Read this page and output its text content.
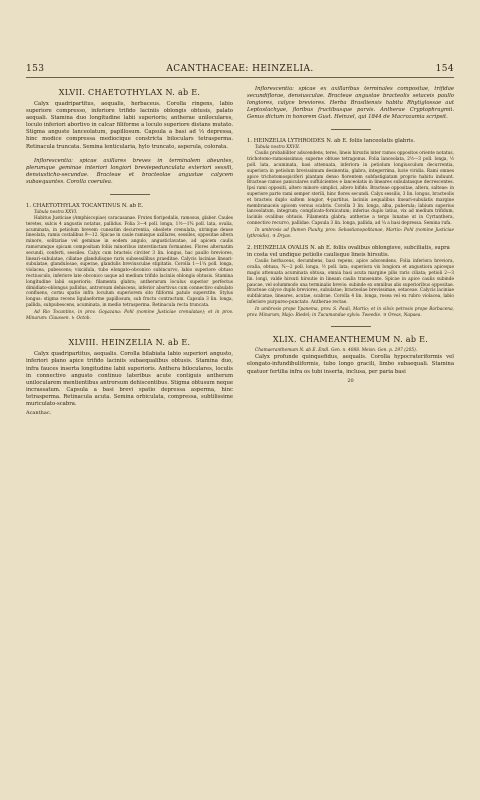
153	ACANTHACEAE: HEINZELIA.	154
XLVII. CHAETOTHYLAX N. ab E.

Calyx quadripartitus, aequalis, herbaceus. Corolla ringens, labio superiore compresso, inferiore trifido laciniis oblongis obtusis, palato aequali. Stamina duo longitudine labii superioris; antherae uniloculares, loculo inferiori abortivo in calcar filiforme a loculo superiore distans mutato. Stigma anguste lanceolatum, papillosum. Capsula a basi ad ⅓ depressa, hinc modice compressa mediocique constricta biloculars tetrasperma. Retinacula truncata. Semina lenticularia, hylo truncato, asperula, colorata.

Inflorescentia: spicae axillares breves in terminalem abeuntes, plerumque geminae interiori longiori breviepedunculata exteriori sessili, densiusticho-secundae. Bracteae et bracteolae angustae calycem subaequantes. Corolla coerulea.

1. CHAETOTHYLAX TOCANTINUS N. ab E.

Tabula nostra XXVI.

Habitus Justiciae (Amphiscopiae) caracasanae. Frutex floripedalis, ramosus, glaber. Caules teretes, sulcis 4 angustis notatus, pallidus. Folia 3—4 poll. longa, 1½—1¾ poll. lata, ovalia, acuminata, in petiolum brevem cuneatim decurrentia, obsolete crenulata, utrinque dense lineolata, ramis costalibus 9—12. Spicae in caule ramisque axillares, sessiles, oppositae altera minore, solitariae vel geminae in eodem angulo, angusticlavatae, ad apicem caulis ramorumque spicam compositam foliis minoribus interstinctam formantes. Flores alternatim secundi, conferti, sessiles. Calyx cum bracteis circiter 3 lin. longus, hac paullo breviores, lineari-subulatae, ciliatae glandulisque raris subsessilibus praeditae. Calycis laciniae lineari-subulatae, glandulosae, superae, glandulis breviusculae stipitatis. Corolla 1—1¼ poll. longa, violacea, pubescens; vixcidula, tubo elongato-obconico subincurvo, labio superiore obtuso rectiusculo, inferiore late obconico usque ad medium trifido laciniis oblongis obtusis. Stamina longitudine labii superioris; filamenta glabra; antherarum loculus superior perfectus dimidiato-oblongus pallidus, antrorsum dehiscens, inferior abortivus cum connectivo subulato confluens, cornu spatio infra loculum superiorem sito filiformi patulo superstite. Stylus longus: stigma recens ligulaeforme papillosum, sub fructu contractum. Capsula 3 lin. longa, pallida, subpubescens, acuminata, in medio tetrasperma. Retinacula recta truncata.

Ad Rio Tocantins, in prov. Goyazana: Pohl (nomine Justiciae crenulatae); et in prov. Minarum: Claussen. ♄ Octob.

XLVIII. HEINZELIA N. ab E.

Calyx quadripartitus, aequalis. Corolla bilabiata labio superiori angusto, inferiori plano apice trifido laciniis subaequalibus obtusis. Stamina duo, infra fauces inserta longitudine labii superioris. Anthera biloculares, loculis in connectivo angusto continuo lateribus acute contiguis antherum unilocularem mentientibus antrorsum dehiscentibus. Stigma obtusum neque incrassatum. Capsula a basi brevi spatio depressa asperma, hinc tetrasperma. Retinacula acuta. Semina orbiculata, compressa, subtilissime muriculato-scabra.

Acanthac.

Inflorescentia: spicae ex axillaribus terminales compositae, trifidae secundiflorae, densiusculae. Bracteae angustae bracteolis setaceis paullo longiores, calyce breviores. Herba Brasiliensis habitu Rhytiglossae aut Leptostachyae, floribus fructibusque parvis. Antherae Cryptophragmii. Genus dictum in honorem Gust. Heinzel, qui 1844 de Macrozamia scripsit.

1. HEINZELIA LYTHROIDES N. ab E. foliis lanceolatis glabris.

Tabula nostra XXVII.

Caulis probabiliter adscendens, teres, lineis hirsutis inter ramos oppositos oriente notatus, trichotomo-ramosissimus; superne obtuse tetragonus. Folia lanceolata, 2½—3 poll. longa, ½ poll. lata, acuminata, basi attenuata, inferiora in petiolum longiusculum decurrentia, superiora in petiolum brevissimum desinentia, glabra, integerrima, lucie viridia. Rami omnes apice trichotomospiciferi plantam denso florentem subfastigiatam proprio habitu induunt. Bracteae ramos paniculares suffulcientes e lanceolatis in lineares subulatasque decrescentes. Ipsi rami oppositi, altero minore simplici, altero bifido. Bracteae oppositae, altera, salteae: in superiore parte rami semper sterili, hinc flores secundi. Calyx sessilis, 3 lin. longus, bracteolis et bracteis duplo saltem longior, 4-partitus, laciniis aequalibus lineari-subulatis margine membranaceis apicem versus scabris. Corolla 3 lin. longa, alba, puberula; labium superius lanceolatum, integrum; complicato-fornicatum; inferius duplo latius, vix ad medium trifidum, laciniis ovalibus obtusis. Filamenta glabra; antherae a tergo lunatae ut in Cyrtanthera, connectivo recurvo, pallidae. Capsula 3 lin. longa, pallida, ad ¼ a basi depressa. Semina rufa.

In umbrosis ad flumen Piauhy, prov. Sebastianopolitanae, Martio: Pohl (nomine Justiciae lythroidis). ♃ Dryas.

2. HEINZELIA OVALIS N. ab E. foliis ovalibus oblongisve, subciliatis, supra in costa vel undique petiolis caulisque lineis hirsutis.

Caulis herbaceus, decumbens, basi repens, apice adscendens. Folia inferiora breviora, ovalia, obtusa, ¾—2 poll. longa, ½ poll. lata; superiora vix longiora et angustiora apiceque magis attenuata acuminata obtusa, omnia basi acuta margine pilis raris ciliata; petioli 2—3 lin. longi, valde hirsuti hirsutie in lineam caulis transeunte. Spicae in apice caulis subinde paucae, vel solummodo una terminalis brevis: subinde ex omnibus alis superioribus oppositae. Bracteae calyce duplo breviores, subulatae; bracteolae brevissimae, setaceae. Calycis laciniae subfalcatae, lineares, acutae, scabrae. Corolla 4 lin. longa, rosea vel ex rubro violacea, labio inferiore purpureo-punctato. Antherae rectae.

In umbrosis prope Ypanema, prov. S. Pauli, Martio; et in silvis petrosis prope Barbacena, prov. Minarum, Majo: Riedel; in Tucumandae sylvis: Tweedie. ♃ Oreas, Napaea.

XLIX. CHAMEANTHEMUM N. ab E.

Chamaeranthemum N. ab E. Endl. Gen. n. 4088. Meisn. Gen. p. 297 (205).

Calyx profunde quinquefidus, aequalis. Corolla hypocrateriformis vel elongato-infundibuliformis, tubo longo gracili, limbo subaequali. Stamina quatuor fertilia infra os tubi inserta, inclusa, per paria basi

20
